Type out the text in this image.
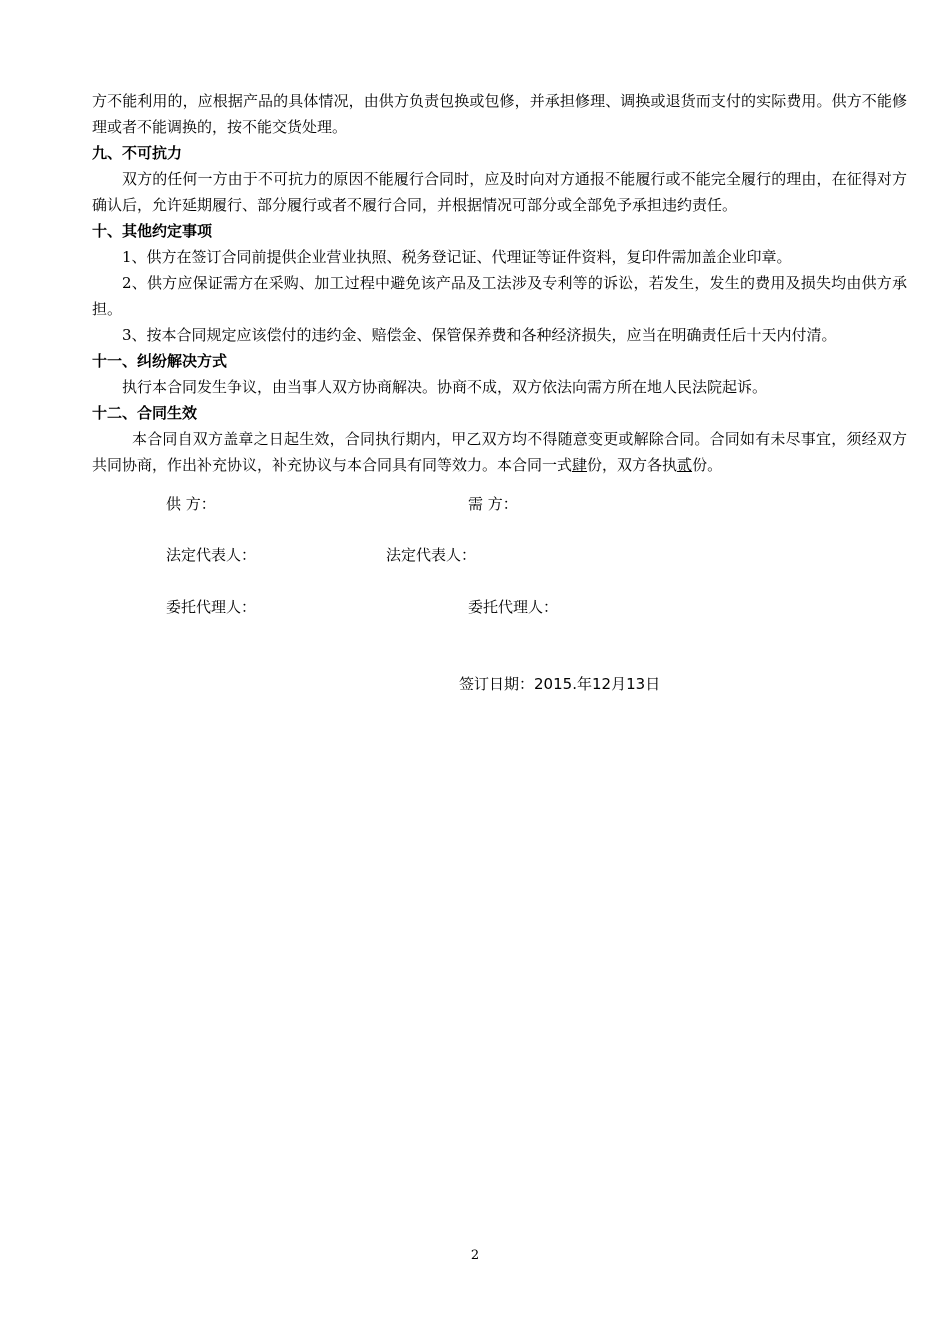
方不能利用的，应根据产品的具体情况，由供方负责包换或包修，并承担修理、调换或退货而支付的实际费用。供方不能修理或者不能调换的，按不能交货处理。

九、不可抗力

双方的任何一方由于不可抗力的原因不能履行合同时，应及时向对方通报不能履行或不能完全履行的理由，在征得对方确认后，允许延期履行、部分履行或者不履行合同，并根据情况可部分或全部免予承担违约责任。

十、其他约定事项

1、供方在签订合同前提供企业营业执照、税务登记证、代理证等证件资料，复印件需加盖企业印章。

2、供方应保证需方在采购、加工过程中避免该产品及工法涉及专利等的诉讼，若发生，发生的费用及损失均由供方承担。

3、按本合同规定应该偿付的违约金、赔偿金、保管保养费和各种经济损失，应当在明确责任后十天内付清。

十一、纠纷解决方式

执行本合同发生争议，由当事人双方协商解决。协商不成，双方依法向需方所在地人民法院起诉。

十二、合同生效

本合同自双方盖章之日起生效，合同执行期内，甲乙双方均不得随意变更或解除合同。合同如有未尽事宜，须经双方共同协商，作出补充协议，补充协议与本合同具有同等效力。本合同一式肆份，双方各执贰份。

供 方：	需 方：
法定代表人：	法定代表人：
委托代理人：	委托代理人：
签订日期：2015.年12月13日
2
